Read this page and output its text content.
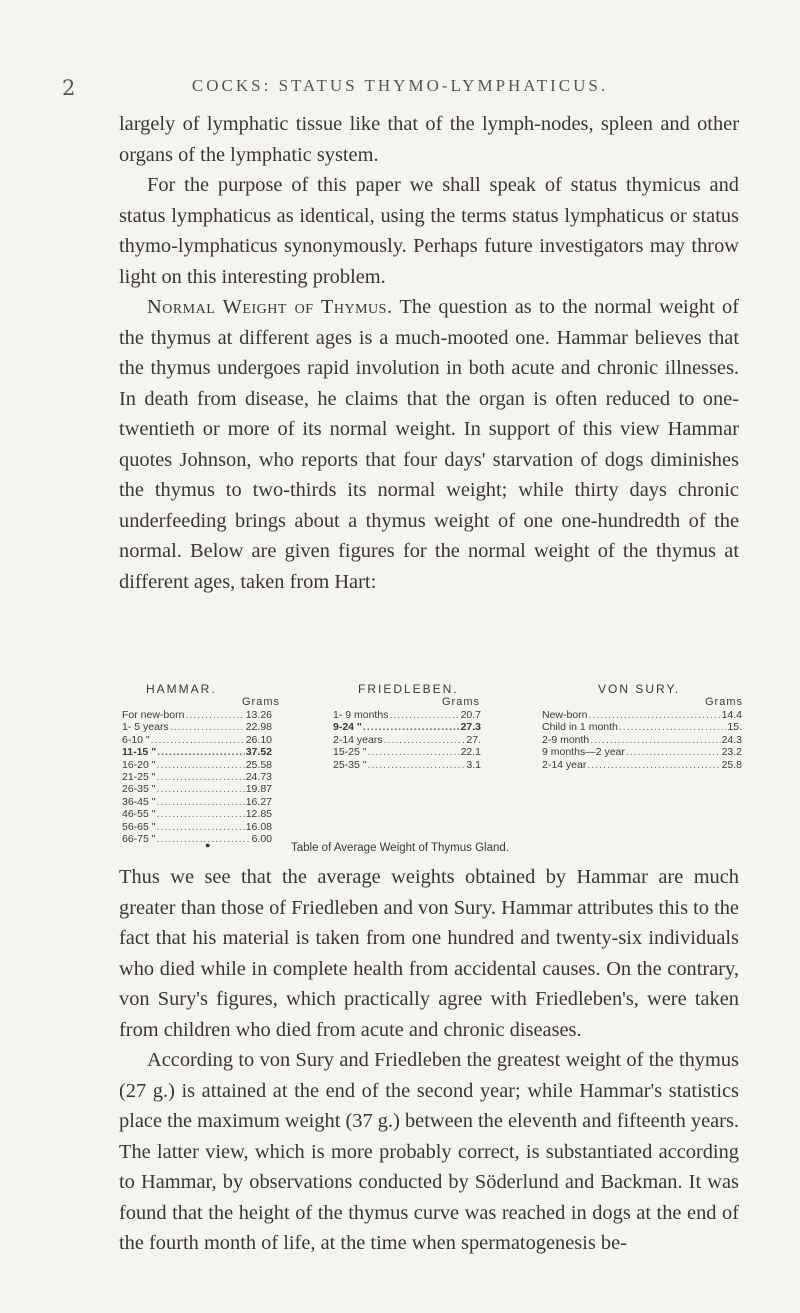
2	COCKS: STATUS THYMO-LYMPHATICUS.

largely of lymphatic tissue like that of the lymph-nodes, spleen and other organs of the lymphatic system.

For the purpose of this paper we shall speak of status thymicus and status lymphaticus as identical, using the terms status lymphaticus or status thymo-lymphaticus synonymously. Perhaps future investigators may throw light on this interesting problem.

Normal Weight of Thymus. The question as to the normal weight of the thymus at different ages is a much-mooted one. Hammar believes that the thymus undergoes rapid involution in both acute and chronic illnesses. In death from disease, he claims that the organ is often reduced to one-twentieth or more of its normal weight. In support of this view Hammar quotes Johnson, who reports that four days' starvation of dogs diminishes the thymus to two-thirds its normal weight; while thirty days chronic underfeeding brings about a thymus weight of one one-hundredth of the normal. Below are given figures for the normal weight of the thymus at different ages, taken from Hart:

HAMMAR.
Grams
For new-born .....	13.26
1- 5 years .....	22.98
6-10 " .....	26.10
11-15 " .....	37.52
16-20 " .....	25.58
21-25 " .....	24.73
26-35 " .....	19.87
36-45 " .....	16.27
46-55 " .....	12.85
56-65 " .....	16.08
66-75 " .....	6.00
FRIEDLEBEN.
Grams
1- 9 months .....	20.7
9-24 " .....	27.3
2-14 years .....	27.
15-25 " .....	22.1
25-35 " .....	3.1
VON SURY.
Grams
New-born .....	14.4
Child in 1 month .....	15.
2-9 month .....	24.3
9 months—2 year .....	23.2
2-14 year .....	25.8
●	Table of Average Weight of Thymus Gland.

Thus we see that the average weights obtained by Hammar are much greater than those of Friedleben and von Sury. Hammar attributes this to the fact that his material is taken from one hundred and twenty-six individuals who died while in complete health from accidental causes. On the contrary, von Sury's figures, which practically agree with Friedleben's, were taken from children who died from acute and chronic diseases.

According to von Sury and Friedleben the greatest weight of the thymus (27 g.) is attained at the end of the second year; while Hammar's statistics place the maximum weight (37 g.) between the eleventh and fifteenth years. The latter view, which is more probably correct, is substantiated according to Hammar, by observations conducted by Söderlund and Backman. It was found that the height of the thymus curve was reached in dogs at the end of the fourth month of life, at the time when spermatogenesis be-
